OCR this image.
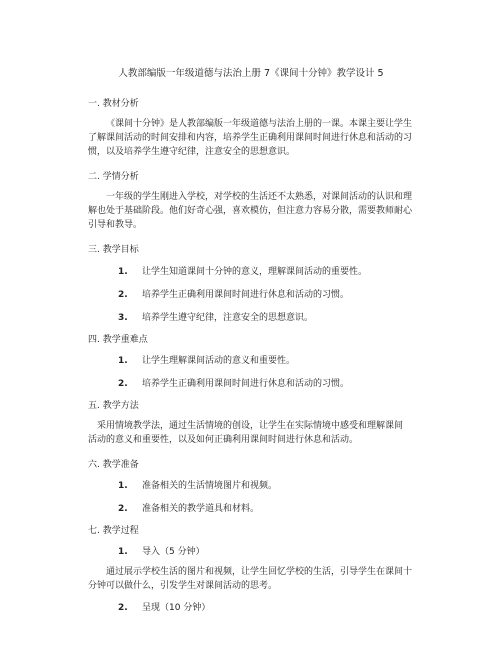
人教部编版一年级道德与法治上册 7《课间十分钟》教学设计 5
一. 教材分析
《课间十分钟》是人教部编版一年级道德与法治上册的一课。本课主要让学生
了解课间活动的时间安排和内容，培养学生正确利用课间时间进行休息和活动的习
惯，以及培养学生遵守纪律，注意安全的思想意识。
二. 学情分析
一年级的学生刚进入学校，对学校的生活还不太熟悉，对课间活动的认识和理
解也处于基础阶段。他们好奇心强，喜欢模仿，但注意力容易分散，需要教师耐心
引导和教导。
三. 教学目标
1. 让学生知道课间十分钟的意义，理解课间活动的重要性。
2. 培养学生正确利用课间时间进行休息和活动的习惯。
3. 培养学生遵守纪律，注意安全的思想意识。
四. 教学重难点
1. 让学生理解课间活动的意义和重要性。
2. 培养学生正确利用课间时间进行休息和活动的习惯。
五. 教学方法
采用情境教学法，通过生活情境的创设，让学生在实际情境中感受和理解课间
活动的意义和重要性，以及如何正确利用课间时间进行休息和活动。
六. 教学准备
1. 准备相关的生活情境图片和视频。
2. 准备相关的教学道具和材料。
七. 教学过程
1. 导入（5 分钟）
通过展示学校生活的图片和视频，让学生回忆学校的生活，引导学生在课间十
分钟可以做什么，引发学生对课间活动的思考。
2. 呈现（10 分钟）
